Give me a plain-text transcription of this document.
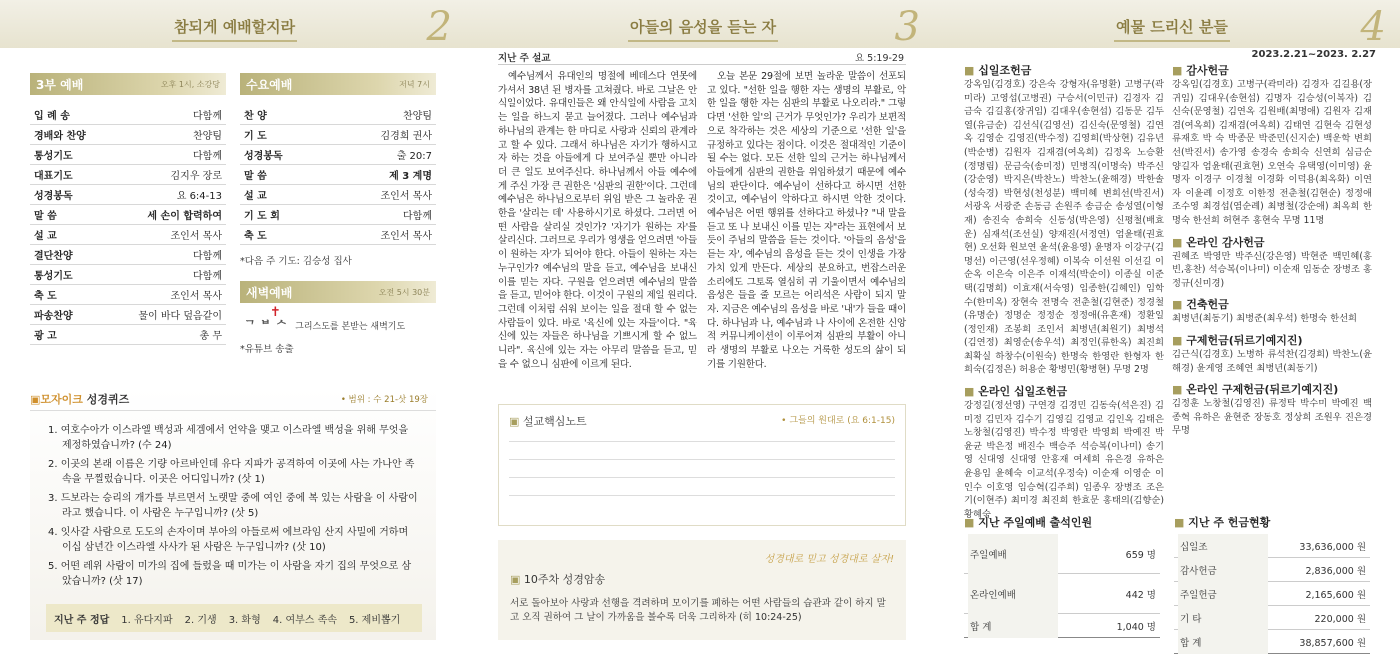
참되게 예배할지라	2
3부 예배	오후 1시, 소강당
입 례 송	다함께
경배와 찬양	찬양팀
통성기도	다함께
대표기도	김지우 장로
성경봉독	요 6:4-13
말 씀	세 손이 합력하여
설 교	조인서 목사
결단찬양	다함께
통성기도	다함께
축 도	조인서 목사
파송찬양	물이 바다 덮음같이
광 고	총 무
수요예배	저녁 7시
찬 양	찬양팀
기 도	김경희 권사
성경봉독	출 20:7
말 씀	제 3 계명
설 교	조인서 목사
기 도 회	다함께
축 도	조인서 목사
*다음 주 기도: 김승성 집사
새벽예배	오전 5시 30분
✝
ᄀ ᄇ ᄉ 그리스도를 본받는 새벽기도
*유튜브 송출
▣모자이크 성경퀴즈	• 범위 : 수 21-삿 19장
1. 여호수아가 이스라엘 백성과 세겜에서 언약을 맺고 이스라엘 백성을 위해 무엇을 제정하였습니까? (수 24)
2. 이곳의 본래 이름은 기량 아르바인데 유다 지파가 공격하여 이곳에 사는 가나안 족속을 무찔렀습니다. 이곳은 어디입니까? (삿 1)
3. 드보라는 승리의 개가를 부르면서 노랫말 중에 여인 중에 복 있는 사람을 이 사람이라고 했습니다. 이 사람은 누구입니까? (삿 5)
4. 잇사갈 사람으로 도도의 손자이며 부아의 아들로써 에브라임 산지 사밀에 거하며 이십 삼년간 이스라엘 사사가 된 사람은 누구입니까? (삿 10)
5. 어떤 레위 사람이 미가의 집에 들렀을 때 미가는 이 사람을 자기 집의 무엇으로 삼았습니까? (삿 17)
지난 주 정답 1. 유다지파 2. 기생 3. 화형 4. 여부스 족속 5. 제비뽑기
아들의 음성을 듣는 자	3
지난 주 설교	요 5:19-29
예수님께서 유대인의 명절에 베데스다 연못에 가셔서 38년 된 병자를 고쳐줬다. 바로 그날은 안식일이었다. 유대인들은 왜 안식일에 사람을 고치는 일을 하느지 묻고 늘어졌다. 그러나 예수님과 하나님의 관계는 한 마디로 사랑과 신뢰의 관계라고 할 수 있다. 그래서 하나님은 자기가 행하시고자 하는 것을 아들에게 다 보여주실 뿐만 아니라 더 큰 일도 보여주신다. 하나님께서 아들 예수에게 주신 가장 큰 권한은 '심판의 권한'이다. 그런데 예수님은 하나님으로부터 위임 받은 그 놀라운 권한을 '살리는 데' 사용하시기로 하셨다. 그러면 어떤 사람을 살리실 것인가? '자기가 원하는 자'를 살리신다. 그러므로 우리가 영생을 얻으려면 '아들이 원하는 자'가 되어야 한다. 아들이 원하는 자는 누구인가? 예수님의 말을 듣고, 예수님을 보내신 이를 믿는 자다. 구원을 얻으려면 예수님의 말씀을 듣고, 믿어야 한다. 이것이 구원의 제일 원리다. 그런데 이처럼 쉬워 보이는 일을 절대 할 수 없는 사람들이 있다. 바로 '육신에 있는 자들'이다. "육신에 있는 자들은 하나님을 기쁘시게 할 수 없느니라". 육신에 있는 자는 아무리 말씀을 듣고, 믿을 수 없으니 심판에 이르게 된다.
오늘 본문 29절에 보면 놀라운 말씀이 선포되고 있다. "선한 일을 행한 자는 생명의 부활로, 악한 일을 행한 자는 심판의 부활로 나오리라." 그렇다면 '선한 일'의 근거가 무엇인가? 우리가 보편적으로 착각하는 것은 세상의 기준으로 '선한 일'을 규정하고 있다는 점이다. 이것은 절대적인 기준이 될 수는 없다. 모든 선한 일의 근거는 하나님께서 아들에게 심판의 권한을 위임하셨기 때문에 예수님의 판단이다. 예수님이 선하다고 하시면 선한 것이고, 예수님이 악하다고 하시면 악한 것이다. 예수님은 어떤 행위를 선하다고 하셨나? "내 말을 듣고 또 나 보내신 이를 믿는 자"라는 표현에서 보듯이 주님의 말씀을 듣는 것이다. '아들의 음성'을 듣는 자', 예수님의 음성을 듣는 것이 인생을 가장 가치 있게 만든다. 세상의 분요하고, 번잡스러운 소리에도 그토록 열심히 귀 기울이면서 예수님의 음성은 들을 줄 모르는 어리석은 사람이 되지 말자. 지금은 예수님의 음성을 바로 '내'가 들을 때이다. 하나님과 나, 예수님과 나 사이에 온전한 신앙적 커뮤니케이션이 이루어져 심판의 부활이 아니라 생명의 부활로 나오는 거룩한 성도의 삶이 되기를 기원한다.
▣ 설교핵심노트	• 그들의 원대로 (요 6:1-15)
성경대로 믿고 성경대로 살자!
▣ 10주차 성경암송
서로 돌아보아 사랑과 선행을 격려하며 모이기를 폐하는 어떤 사람들의 습관과 같이 하지 말고 오직 권하여 그 날이 가까움을 볼수록 더욱 그리하자 (히 10:24-25)
예물 드리신 분들	4
2023.2.21~2023. 2.27
■ 십일조헌금
강옥임(김경호) 강은숙 강형자(유명환) 고병구(곽미라) 고영섭(고병권) 구승서(이민규) 김경자 김금숙 김길홍(장귀임) 김대우(송현섭) 김동문 김두열(유금순) 김선식(김영선) 김신숙(문영철) 김연옥 김영순 김영진(박수정) 김영희(박상현) 김유년(박순병) 김원자 김재겸(여옥희) 김정옥 노승환(정명림) 문금숙(송미정) 민병직(이명숙) 박주신(강순영) 박지은(박찬노) 박찬노(윤해경) 박한솔(성숙경) 박현성(천성분) 백미혜 변희선(박진서) 서광옥 서광준 손동금 손원주 송금순 송성열(이형재) 송진숙 송희숙 신동성(박은영) 신평철(배효운) 심재석(조선실) 양재진(서정연) 엄윤태(권효현) 오선화 원보연 윤석(윤용영) 윤명자 이강구(김명선) 이근영(선우정혜) 이복숙 이선원 이선길 이순옥 이은숙 이은주 이재석(박순이) 이종실 이준택(김명희) 이효재(서숙영) 임종한(김혜인) 임학수(한미옥) 장현숙 전명숙 전춘철(김현준) 정경철(유명순) 정명순 정정순 정정애(유혼재) 정환일(정인재) 조봉희 조인서 최병년(최원기) 최병석(김연정) 최영순(송우석) 최정인(류한옥) 최진희 최확실 하창수(이원숙) 한명숙 한영란 한형자 한희숙(김정은) 허용순 황병민(황병현) 무명 2명
■ 온라인 십일조헌금
강정길(정선영) 구연경 김경민 김동숙(석은진) 김미정 김민자 김수기 김영길 김영교 김인옥 김태은 노창철(김영진) 박수정 박영란 박영희 박예진 박윤균 박은정 배진수 백승주 석승복(이나미) 송기영 신대영 신대영 안홍재 여세희 유은경 유하은 윤용임 윤혜숙 이교석(우정숙) 이순재 이영순 이인수 이호영 임승혁(김주희) 임종우 장병조 조은기(이현주) 최미경 최진희 한효문 홍태의(김향순) 황혜숙
■ 감사헌금
강옥임(김경호) 고병구(곽미라) 김경자 김길용(장귀임) 김대우(송현섭) 김명자 김승성(이복자) 김신숙(문영철) 김연옥 김원배(최명애) 김원자 김재겸(여옥희) 김재겸(여옥희) 김태연 김현숙 김현성 류재호 박 숙 박종문 박준민(신지순) 백운학 변희선(박진서) 송가영 송경숙 송희숙 신연희 심금순 양길자 엄윤태(권효현) 오연숙 유택영(이미영) 윤명자 이경구 이경철 이경화 이덕용(최옥화) 이연자 이윤례 이정호 이한정 전춘철(김현순) 정정애 조수영 최경섭(염순례) 최병철(강순애) 최옥희 한명숙 한선희 허현주 홍현숙 무명 11명
■ 온라인 감사헌금
권혜조 박영만 박주신(강은영) 박현준 백민혜(홍빈,홍찬) 석승복(이나미) 이순재 임동순 장병조 홍정규(신미경)
■ 건축헌금
최병년(최동기) 최병준(최우석) 한명숙 한선희
■ 구제헌금(뒤르기예지진)
김근식(김경호) 노병하 류석찬(김경희) 박찬노(윤해경) 윤게영 조혜연 최병년(최동기)
■ 온라인 구제헌금(뒤르기예지진)
김정훈 노창철(김영진) 류정탁 박수미 박예진 백종혁 유하은 윤현준 장동호 정상희 조원우 진은경 무명
■ 지난 주일예배 출석인원
주일예배	659 명
온라인예배	442 명
합 계	1,040 명
■ 지난 주 헌금현황
십일조	33,636,000 원
감사헌금	2,836,000 원
주일헌금	2,165,600 원
기 타	220,000 원
합 계	38,857,600 원
